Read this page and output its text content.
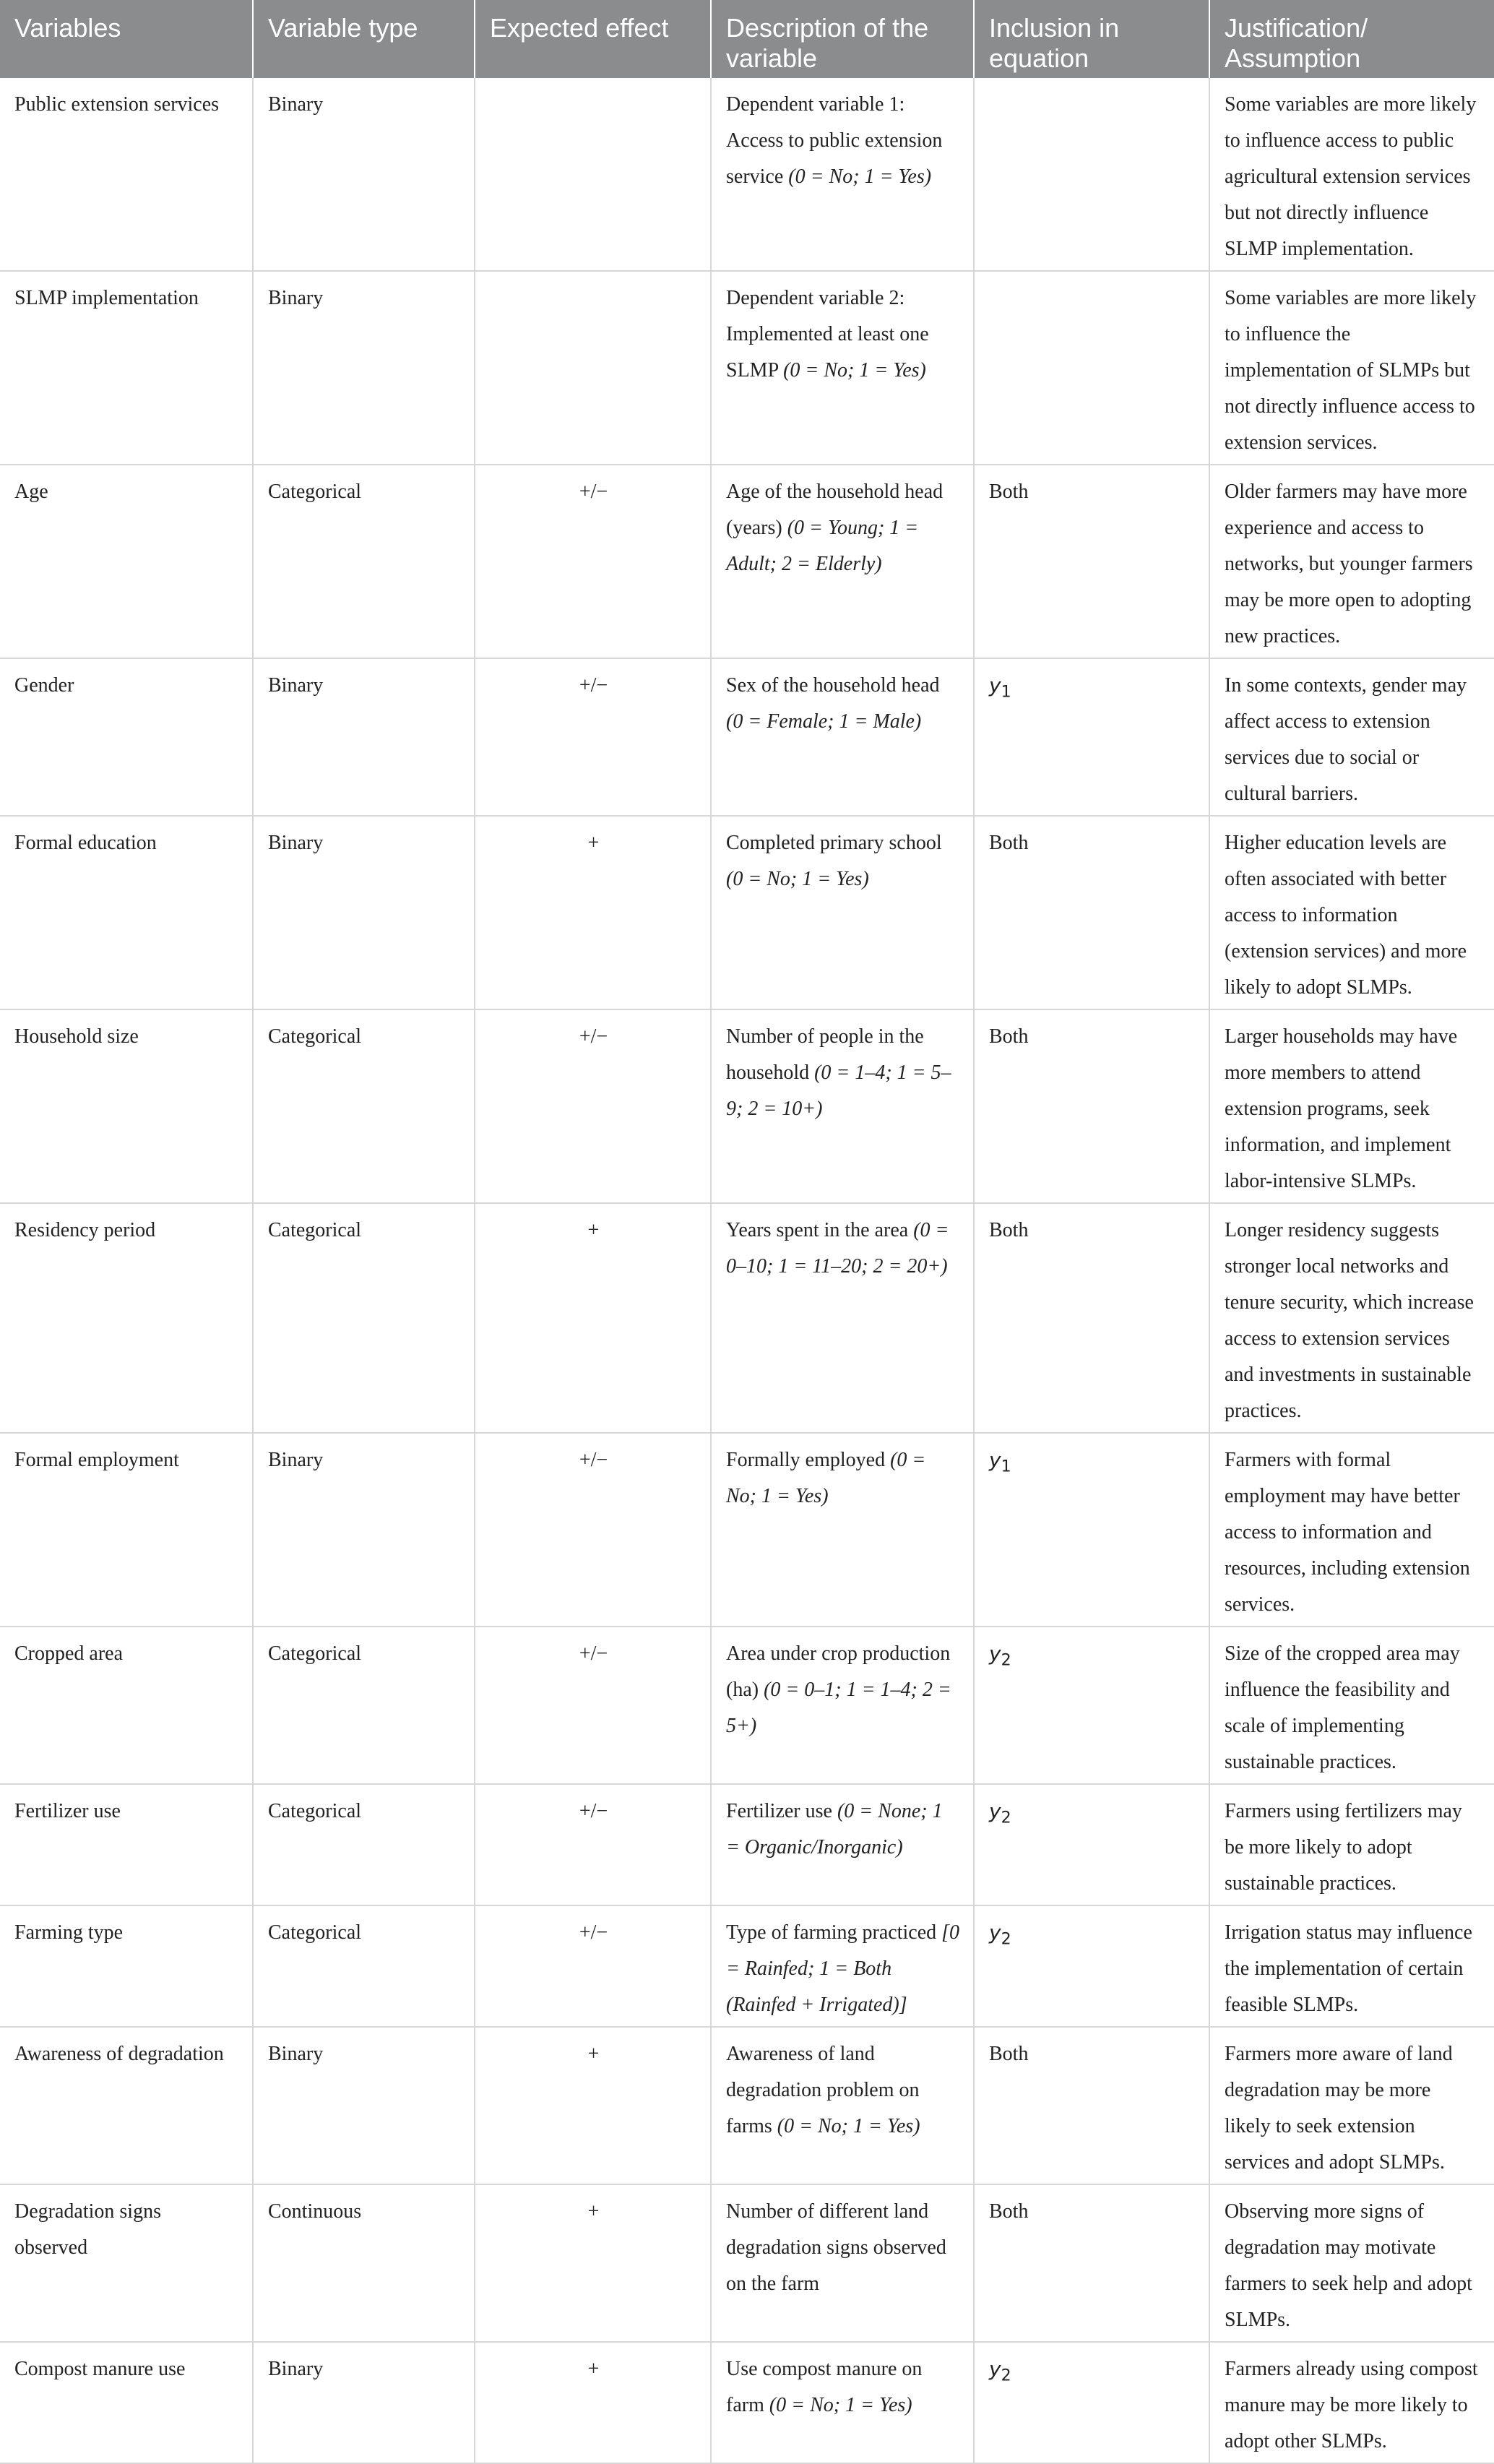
Variables	Variable type	Expected effect	Description of the variable	Inclusion in equation	Justification/ Assumption
Public extension services	Binary		Dependent variable 1: Access to public extension service (0 = No; 1 = Yes)		Some variables are more likely to influence access to public agricultural extension services but not directly influence SLMP implementation.
SLMP implementation	Binary		Dependent variable 2: Implemented at least one SLMP (0 = No; 1 = Yes)		Some variables are more likely to influence the implementation of SLMPs but not directly influence access to extension services.
Age	Categorical	+/−	Age of the household head (years) (0 = Young; 1 = Adult; 2 = Elderly)	Both	Older farmers may have more experience and access to networks, but younger farmers may be more open to adopting new practices.
Gender	Binary	+/−	Sex of the household head (0 = Female; 1 = Male)	$y_1$	In some contexts, gender may affect access to extension services due to social or cultural barriers.
Formal education	Binary	+	Completed primary school (0 = No; 1 = Yes)	Both	Higher education levels are often associated with better access to information (extension services) and more likely to adopt SLMPs.
Household size	Categorical	+/−	Number of people in the household (0 = 1–4; 1 = 5–9; 2 = 10+)	Both	Larger households may have more members to attend extension programs, seek information, and implement labor-intensive SLMPs.
Residency period	Categorical	+	Years spent in the area (0 = 0–10; 1 = 11–20; 2 = 20+)	Both	Longer residency suggests stronger local networks and tenure security, which increase access to extension services and investments in sustainable practices.
Formal employment	Binary	+/−	Formally employed (0 = No; 1 = Yes)	$y_1$	Farmers with formal employment may have better access to information and resources, including extension services.
Cropped area	Categorical	+/−	Area under crop production (ha) (0 = 0–1; 1 = 1–4; 2 = 5+)	$y_2$	Size of the cropped area may influence the feasibility and scale of implementing sustainable practices.
Fertilizer use	Categorical	+/−	Fertilizer use (0 = None; 1 = Organic/Inorganic)	$y_2$	Farmers using fertilizers may be more likely to adopt sustainable practices.
Farming type	Categorical	+/−	Type of farming practiced [0 = Rainfed; 1 = Both (Rainfed + Irrigated)]	$y_2$	Irrigation status may influence the implementation of certain feasible SLMPs.
Awareness of degradation	Binary	+	Awareness of land degradation problem on farms (0 = No; 1 = Yes)	Both	Farmers more aware of land degradation may be more likely to seek extension services and adopt SLMPs.
Degradation signs observed	Continuous	+	Number of different land degradation signs observed on the farm	Both	Observing more signs of degradation may motivate farmers to seek help and adopt SLMPs.
Compost manure use	Binary	+	Use compost manure on farm (0 = No; 1 = Yes)	$y_2$	Farmers already using compost manure may be more likely to adopt other SLMPs.
